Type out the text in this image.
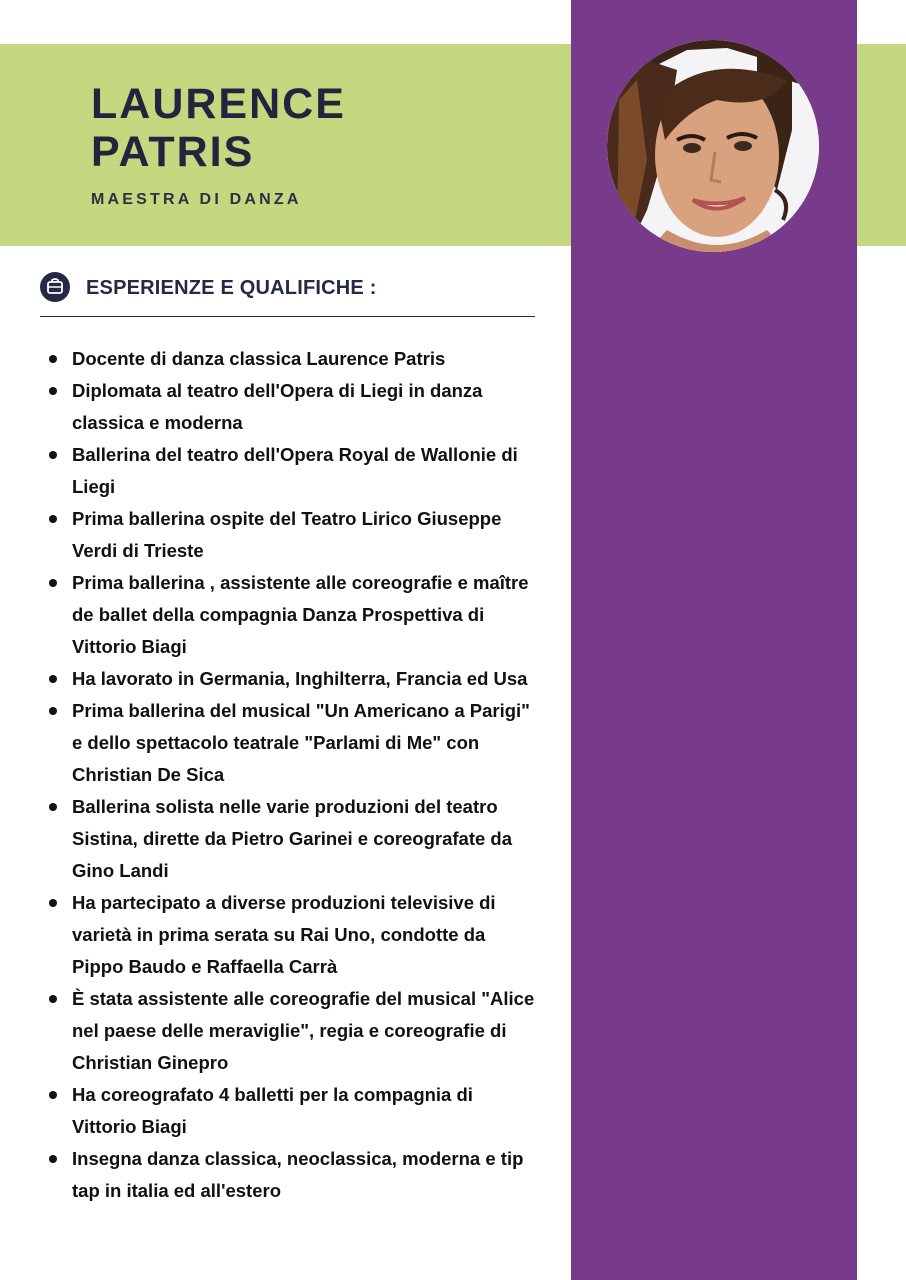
LAURENCE
PATRIS

MAESTRA DI DANZA

ESPERIENZE E QUALIFICHE :
Docente di danza classica Laurence Patris
Diplomata al teatro dell'Opera di Liegi in danza classica e moderna
Ballerina del teatro dell'Opera Royal de Wallonie di Liegi
Prima ballerina ospite del Teatro Lirico Giuseppe Verdi di Trieste
Prima ballerina , assistente alle coreografie e maître de ballet della compagnia Danza Prospettiva di Vittorio Biagi
Ha lavorato in Germania, Inghilterra, Francia ed Usa
Prima ballerina del musical "Un Americano a Parigi" e dello spettacolo teatrale "Parlami di Me" con Christian De Sica
Ballerina solista nelle varie produzioni del teatro Sistina, dirette da Pietro Garinei e coreografate da Gino Landi
Ha partecipato a diverse produzioni televisive di varietà in prima serata su Rai Uno, condotte da Pippo Baudo e Raffaella Carrà
È stata assistente alle coreografie del musical "Alice nel paese delle meraviglie", regia e coreografie di Christian Ginepro
Ha coreografato 4 balletti per la compagnia di Vittorio Biagi
Insegna danza classica, neoclassica, moderna e tip tap in italia ed all'estero
